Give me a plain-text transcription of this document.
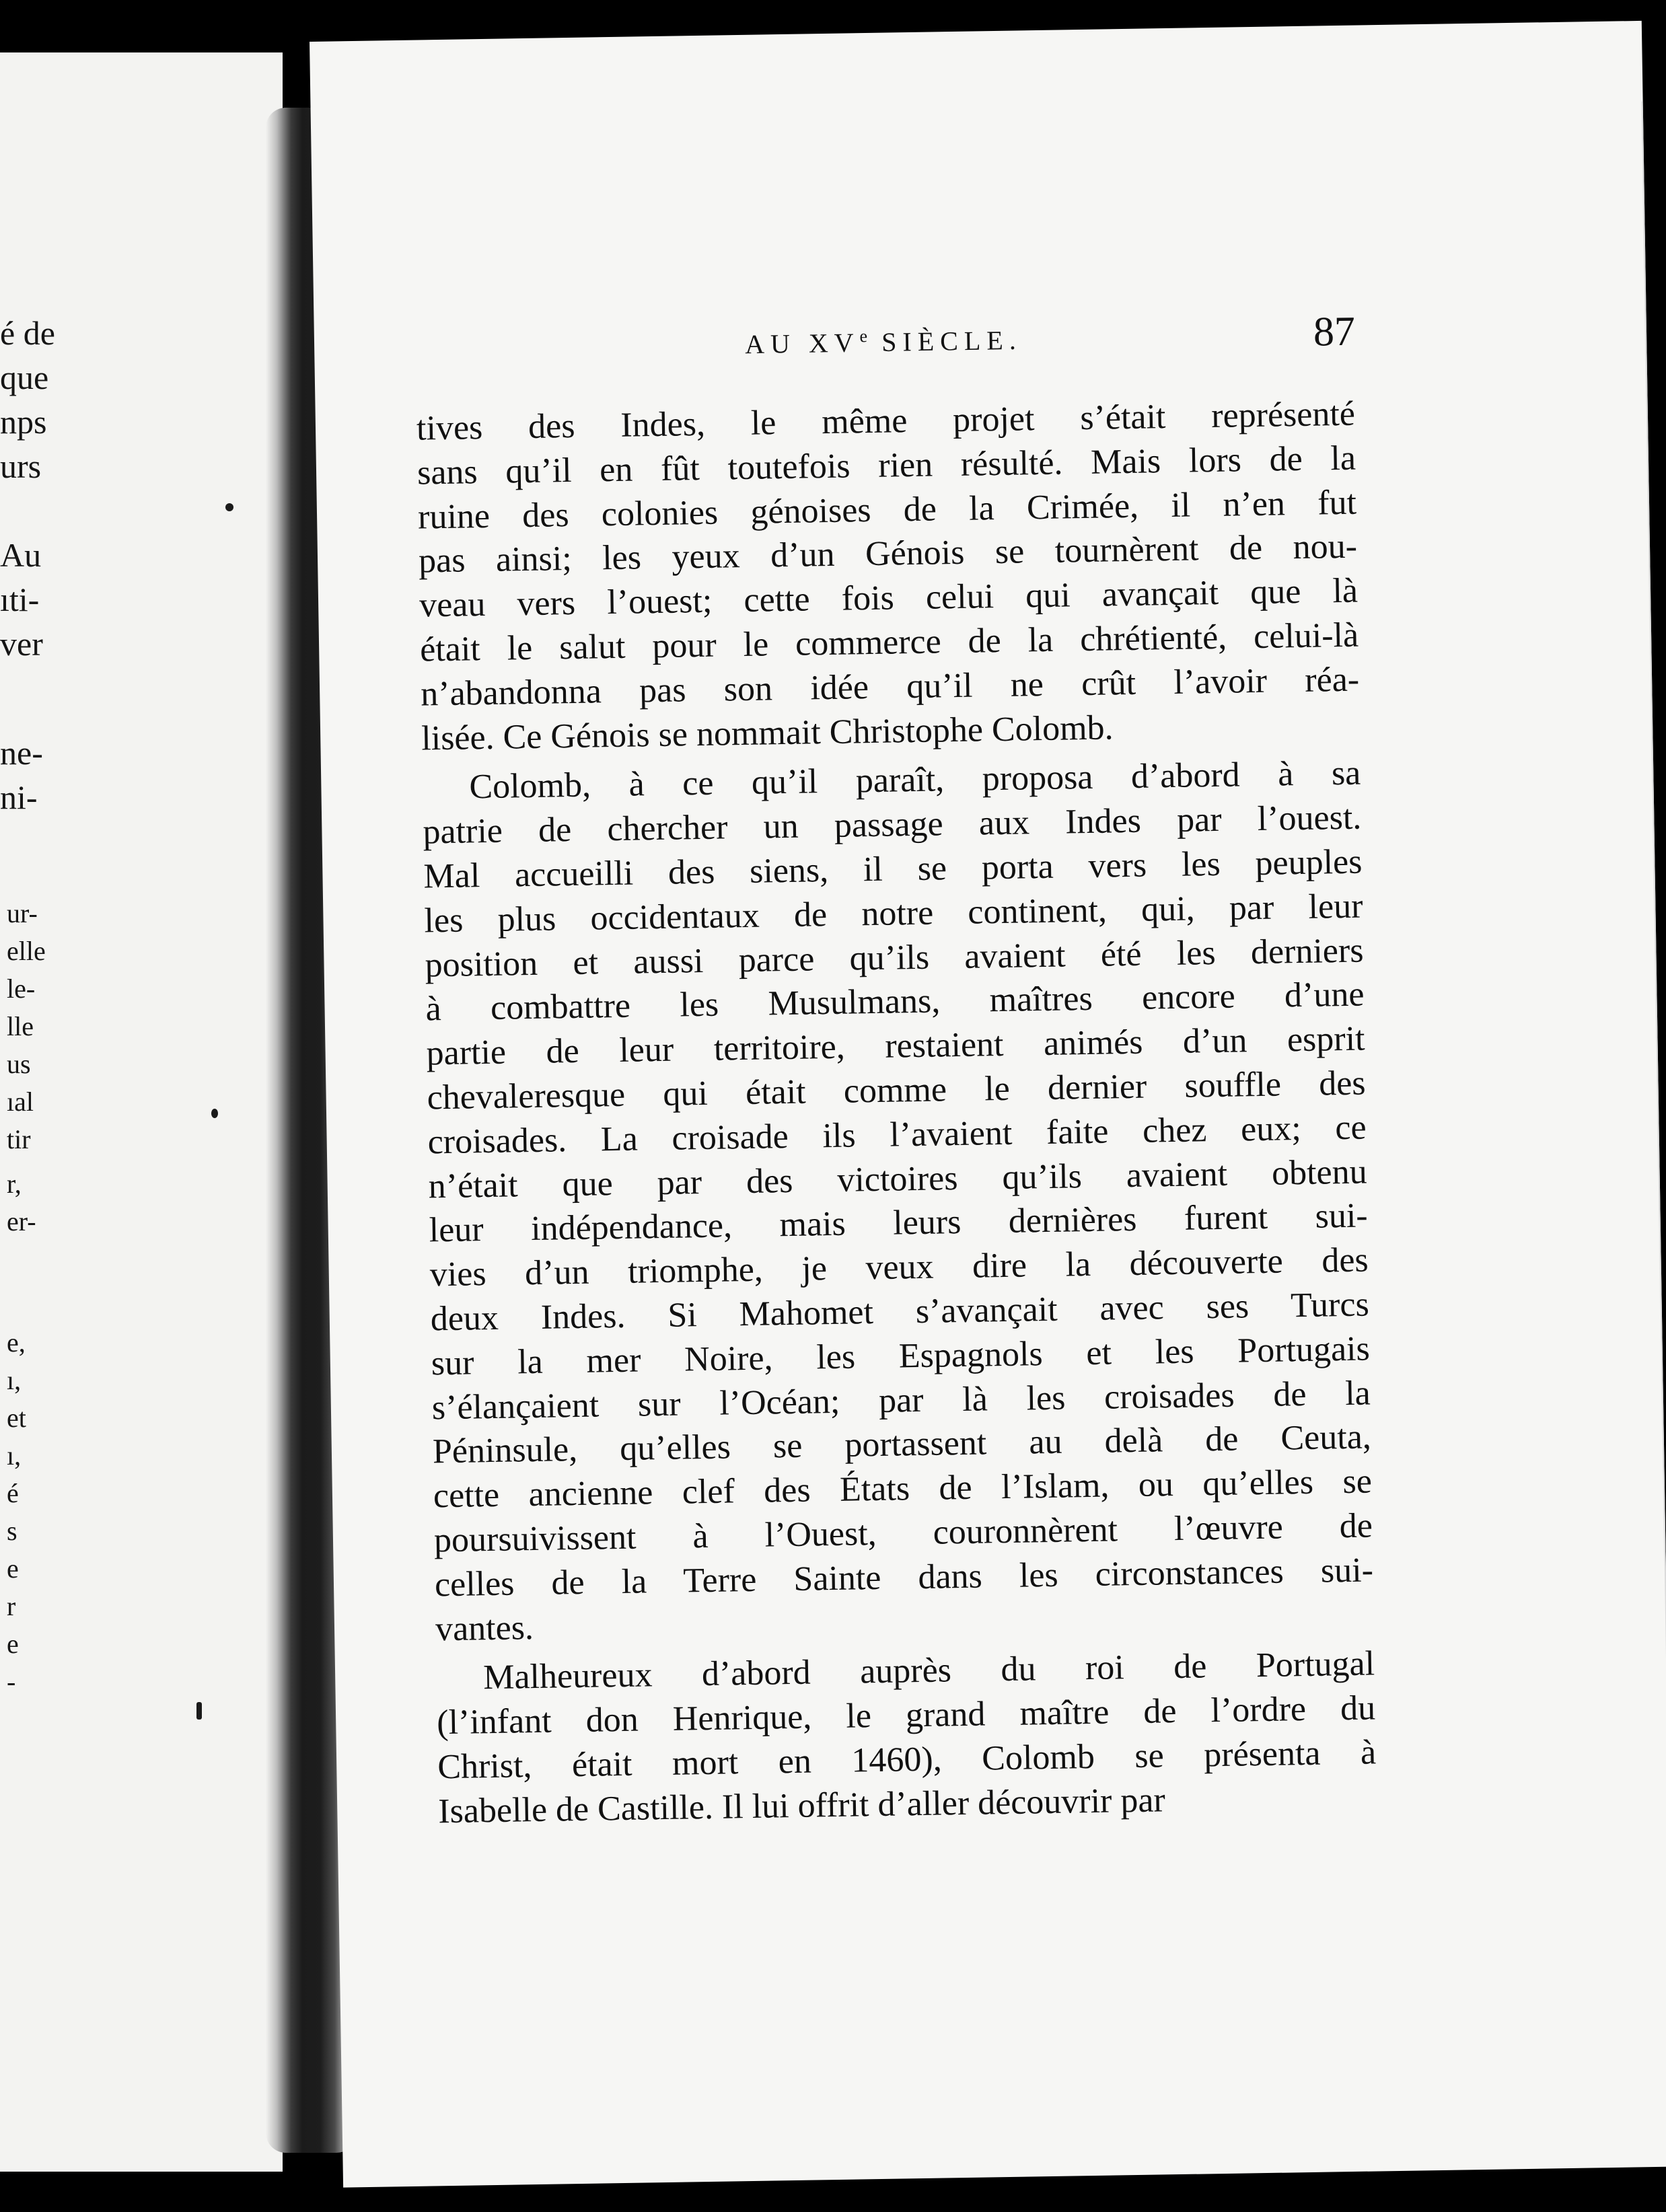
é de
que
nps
urs
Au
ıti-
ver
ne-
ni-
ur-
elle
le-
lle
us
ıal
tir
r,
er-
e,
ı,
et
ı,
é
s
e
r
e
-
AU XVe SIÈCLE.	87
tives des Indes, le même projet s’était représenté
sans qu’il en fût toutefois rien résulté. Mais lors de la
ruine des colonies génoises de la Crimée, il n’en fut
pas ainsi; les yeux d’un Génois se tournèrent de nou-
veau vers l’ouest; cette fois celui qui avançait que là
était le salut pour le commerce de la chrétienté, celui-là
n’abandonna pas son idée qu’il ne crût l’avoir réa-
lisée. Ce Génois se nommait Christophe Colomb.
Colomb, à ce qu’il paraît, proposa d’abord à sa
patrie de chercher un passage aux Indes par l’ouest.
Mal accueilli des siens, il se porta vers les peuples
les plus occidentaux de notre continent, qui, par leur
position et aussi parce qu’ils avaient été les derniers
à combattre les Musulmans, maîtres encore d’une
partie de leur territoire, restaient animés d’un esprit
chevaleresque qui était comme le dernier souffle des
croisades. La croisade ils l’avaient faite chez eux; ce
n’était que par des victoires qu’ils avaient obtenu
leur indépendance, mais leurs dernières furent sui-
vies d’un triomphe, je veux dire la découverte des
deux Indes. Si Mahomet s’avançait avec ses Turcs
sur la mer Noire, les Espagnols et les Portugais
s’élançaient sur l’Océan; par là les croisades de la
Péninsule, qu’elles se portassent au delà de Ceuta,
cette ancienne clef des États de l’Islam, ou qu’elles se
poursuivissent à l’Ouest, couronnèrent l’œuvre de
celles de la Terre Sainte dans les circonstances sui-
vantes.
Malheureux d’abord auprès du roi de Portugal
(l’infant don Henrique, le grand maître de l’ordre du
Christ, était mort en 1460), Colomb se présenta à
Isabelle de Castille. Il lui offrit d’aller découvrir par
